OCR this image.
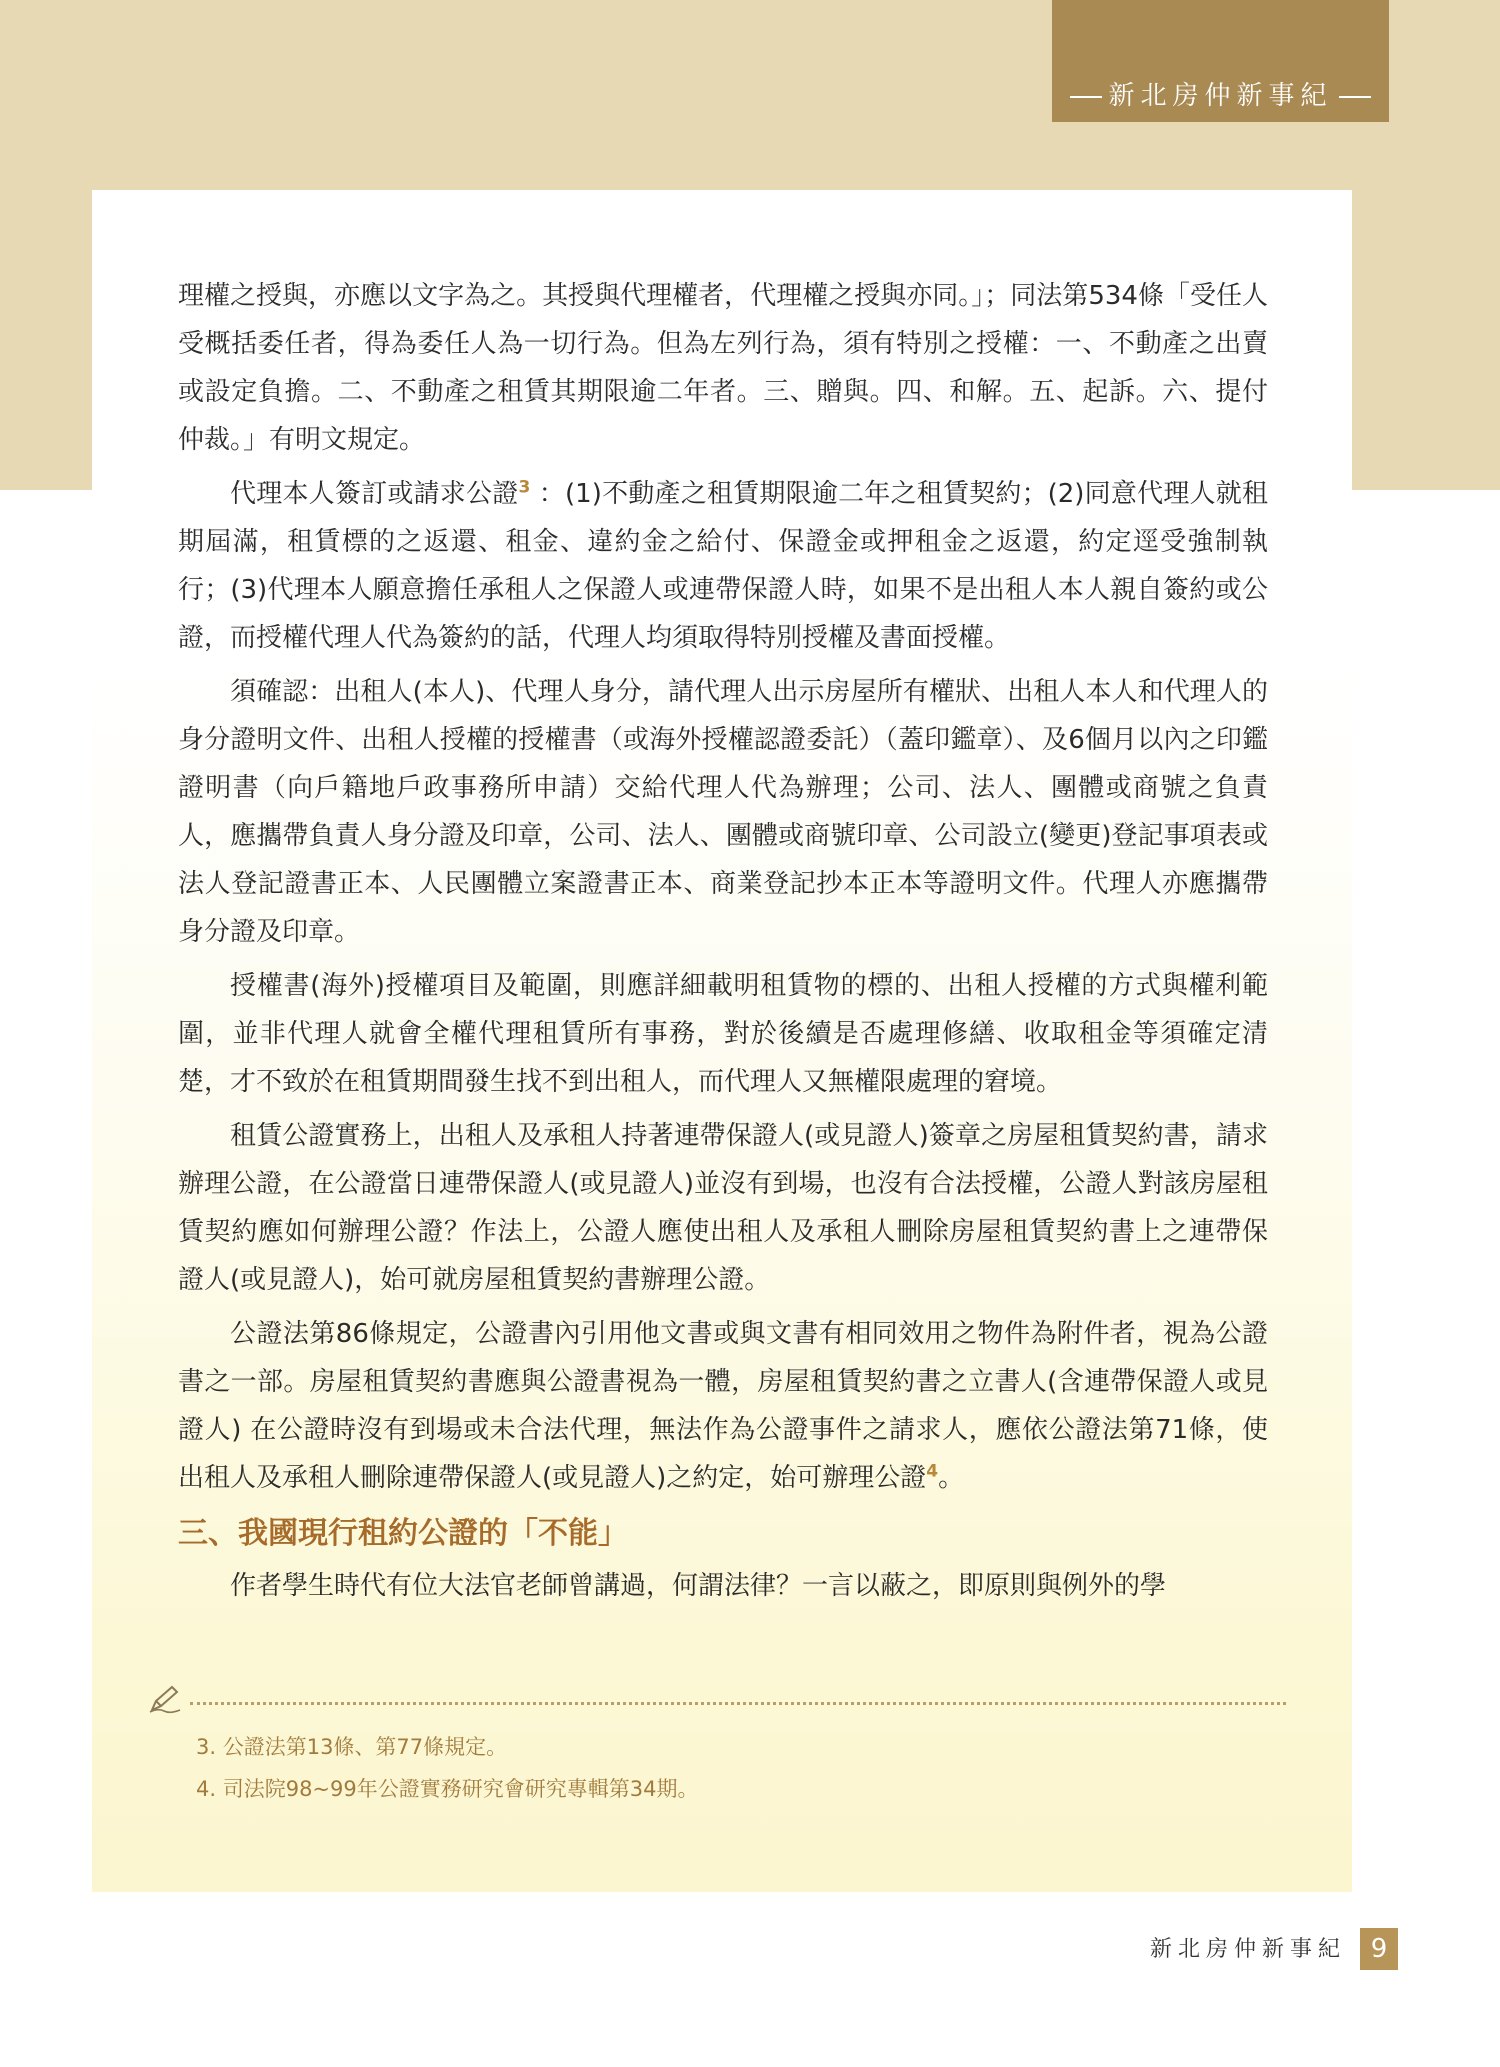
新北房仲新事紀

理權之授與，亦應以文字為之。其授與代理權者，代理權之授與亦同。」；同法第534條「受任人受概括委任者，得為委任人為一切行為。但為左列行為，須有特別之授權：一、不動產之出賣或設定負擔。二、不動產之租賃其期限逾二年者。三、贈與。四、和解。五、起訴。六、提付仲裁。」有明文規定。

代理本人簽訂或請求公證$^3$ ：(1)不動產之租賃期限逾二年之租賃契約；(2)同意代理人就租期屆滿，租賃標的之返還、租金、違約金之給付、保證金或押租金之返還，約定逕受強制執行；(3)代理本人願意擔任承租人之保證人或連帶保證人時，如果不是出租人本人親自簽約或公證，而授權代理人代為簽約的話，代理人均須取得特別授權及書面授權。

須確認：出租人(本人)、代理人身分，請代理人出示房屋所有權狀、出租人本人和代理人的身分證明文件、出租人授權的授權書（或海外授權認證委託）（蓋印鑑章）、及6個月以內之印鑑證明書（向戶籍地戶政事務所申請）交給代理人代為辦理；公司、法人、團體或商號之負責人，應攜帶負責人身分證及印章，公司、法人、團體或商號印章、公司設立(變更)登記事項表或法人登記證書正本、人民團體立案證書正本、商業登記抄本正本等證明文件。代理人亦應攜帶身分證及印章。

授權書(海外)授權項目及範圍，則應詳細載明租賃物的標的、出租人授權的方式與權利範圍，並非代理人就會全權代理租賃所有事務，對於後續是否處理修繕、收取租金等須確定清楚，才不致於在租賃期間發生找不到出租人，而代理人又無權限處理的窘境。

租賃公證實務上，出租人及承租人持著連帶保證人(或見證人)簽章之房屋租賃契約書，請求辦理公證，在公證當日連帶保證人(或見證人)並沒有到場，也沒有合法授權，公證人對該房屋租賃契約應如何辦理公證？作法上，公證人應使出租人及承租人刪除房屋租賃契約書上之連帶保證人(或見證人)，始可就房屋租賃契約書辦理公證。

公證法第86條規定，公證書內引用他文書或與文書有相同效用之物件為附件者，視為公證書之一部。房屋租賃契約書應與公證書視為一體，房屋租賃契約書之立書人(含連帶保證人或見證人) 在公證時沒有到場或未合法代理，無法作為公證事件之請求人，應依公證法第71條，使出租人及承租人刪除連帶保證人(或見證人)之約定，始可辦理公證$^4$。

三、我國現行租約公證的「不能」

作者學生時代有位大法官老師曾講過，何謂法律？一言以蔽之，即原則與例外的學

3. 公證法第13條、第77條規定。
4. 司法院98~99年公證實務研究會研究專輯第34期。
新北房仲新事紀 9
